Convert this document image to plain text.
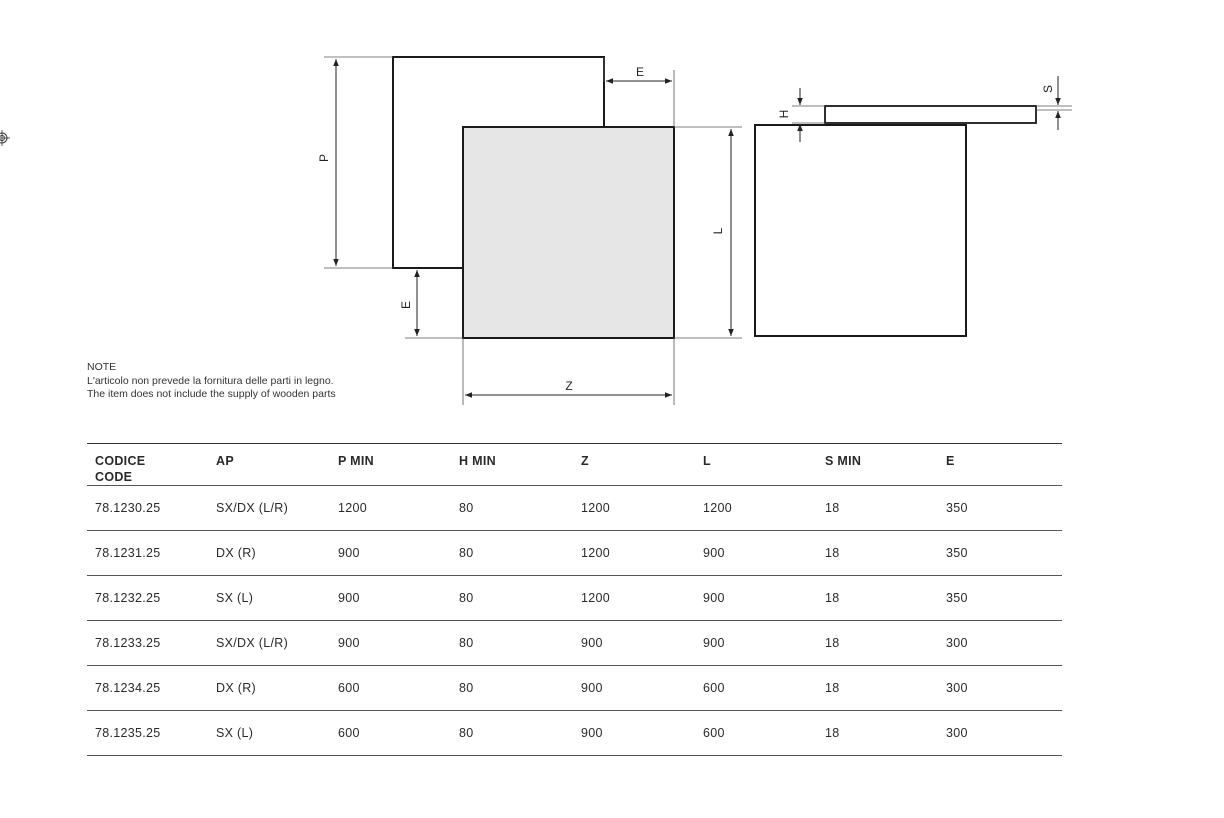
P
E
L
E
Z
H
S
NOTE
L'articolo non prevede la fornitura delle parti in legno.
The item does not include the supply of wooden parts
CODICE
CODE	AP	P MIN	H MIN	Z	L	S MIN	E
78.1230.25	SX/DX (L/R)	1200	80	1200	1200	18	350
78.1231.25	DX (R)	900	80	1200	900	18	350
78.1232.25	SX (L)	900	80	1200	900	18	350
78.1233.25	SX/DX (L/R)	900	80	900	900	18	300
78.1234.25	DX (R)	600	80	900	600	18	300
78.1235.25	SX (L)	600	80	900	600	18	300
